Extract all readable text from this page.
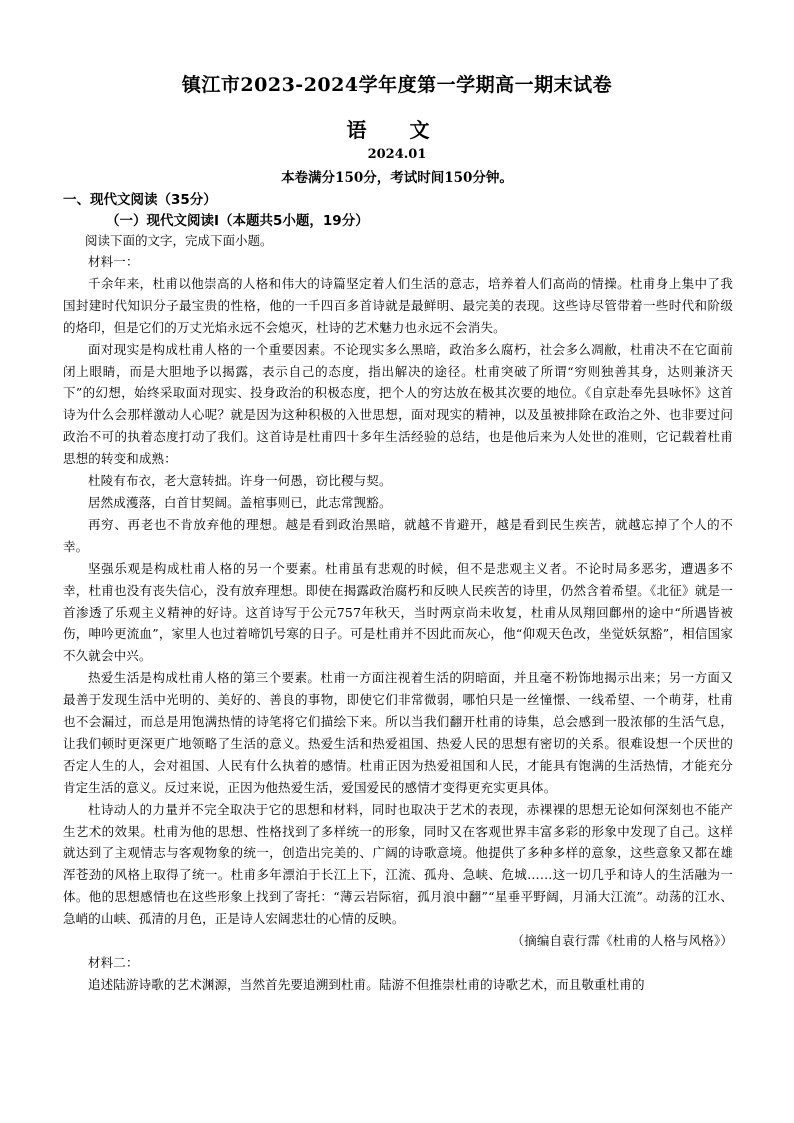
镇江市2023-2024学年度第一学期高一期末试卷
语 文
2024.01
本卷满分150分，考试时间150分钟。
一、现代文阅读（35分）
（一）现代文阅读Ⅰ（本题共5小题，19分）
阅读下面的文字，完成下面小题。

材料一：

千余年来，杜甫以他崇高的人格和伟大的诗篇坚定着人们生活的意志，培养着人们高尚的情操。杜甫身上集中了我国封建时代知识分子最宝贵的性格，他的一千四百多首诗就是最鲜明、最完美的表现。这些诗尽管带着一些时代和阶级的烙印，但是它们的万丈光焰永远不会熄灭，杜诗的艺术魅力也永远不会消失。

面对现实是构成杜甫人格的一个重要因素。不论现实多么黑暗，政治多么腐朽，社会多么凋敝，杜甫决不在它面前闭上眼睛，而是大胆地予以揭露，表示自己的态度，指出解决的途径。杜甫突破了所谓“穷则独善其身，达则兼济天下”的幻想，始终采取面对现实、投身政治的积极态度，把个人的穷达放在极其次要的地位。《自京赴奉先县咏怀》这首诗为什么会那样激动人心呢？就是因为这种积极的入世思想，面对现实的精神，以及虽被排除在政治之外、也非要过问政治不可的执着态度打动了我们。这首诗是杜甫四十多年生活经验的总结，也是他后来为人处世的准则，它记载着杜甫思想的转变和成熟：

杜陵有布衣，老大意转拙。许身一何愚，窃比稷与契。

居然成濩落，白首甘契阔。盖棺事则已，此志常觊豁。

再穷、再老也不肯放弃他的理想。越是看到政治黑暗，就越不肯避开，越是看到民生疾苦，就越忘掉了个人的不幸。

坚强乐观是构成杜甫人格的另一个要素。杜甫虽有悲观的时候，但不是悲观主义者。不论时局多恶劣，遭遇多不幸，杜甫也没有丧失信心，没有放弃理想。即使在揭露政治腐朽和反映人民疾苦的诗里，仍然含着希望。《北征》就是一首渗透了乐观主义精神的好诗。这首诗写于公元757年秋天，当时两京尚未收复，杜甫从凤翔回鄜州的途中“所遇皆被伤，呻吟更流血”，家里人也过着啼饥号寒的日子。可是杜甫并不因此而灰心，他“仰观天色改，坐觉妖氛豁”，相信国家不久就会中兴。

热爱生活是构成杜甫人格的第三个要素。杜甫一方面注视着生活的阴暗面，并且毫不粉饰地揭示出来；另一方面又最善于发现生活中光明的、美好的、善良的事物，即使它们非常微弱，哪怕只是一丝憧憬、一线希望、一个萌芽，杜甫也不会漏过，而总是用饱满热情的诗笔将它们描绘下来。所以当我们翻开杜甫的诗集，总会感到一股浓郁的生活气息，让我们顿时更深更广地领略了生活的意义。热爱生活和热爱祖国、热爱人民的思想有密切的关系。很难设想一个厌世的否定人生的人，会对祖国、人民有什么执着的感情。杜甫正因为热爱祖国和人民，才能具有饱满的生活热情，才能充分肯定生活的意义。反过来说，正因为他热爱生活，爱国爱民的感情才变得更充实更具体。

杜诗动人的力量并不完全取决于它的思想和材料，同时也取决于艺术的表现，赤裸裸的思想无论如何深刻也不能产生艺术的效果。杜甫为他的思想、性格找到了多样统一的形象，同时又在客观世界丰富多彩的形象中发现了自己。这样就达到了主观情志与客观物象的统一，创造出完美的、广阔的诗歌意境。他提供了多种多样的意象，这些意象又都在雄浑苍劲的风格上取得了统一。杜甫多年漂泊于长江上下，江流、孤舟、急峡、危城……这一切几乎和诗人的生活融为一体。他的思想感情也在这些形象上找到了寄托：“薄云岩际宿，孤月浪中翻”“星垂平野阔，月涌大江流”。动荡的江水、急峭的山峡、孤清的月色，正是诗人宏阔悲壮的心情的反映。

（摘编自袁行霈《杜甫的人格与风格》）

材料二：

追述陆游诗歌的艺术渊源，当然首先要追溯到杜甫。陆游不但推崇杜甫的诗歌艺术，而且敬重杜甫的
